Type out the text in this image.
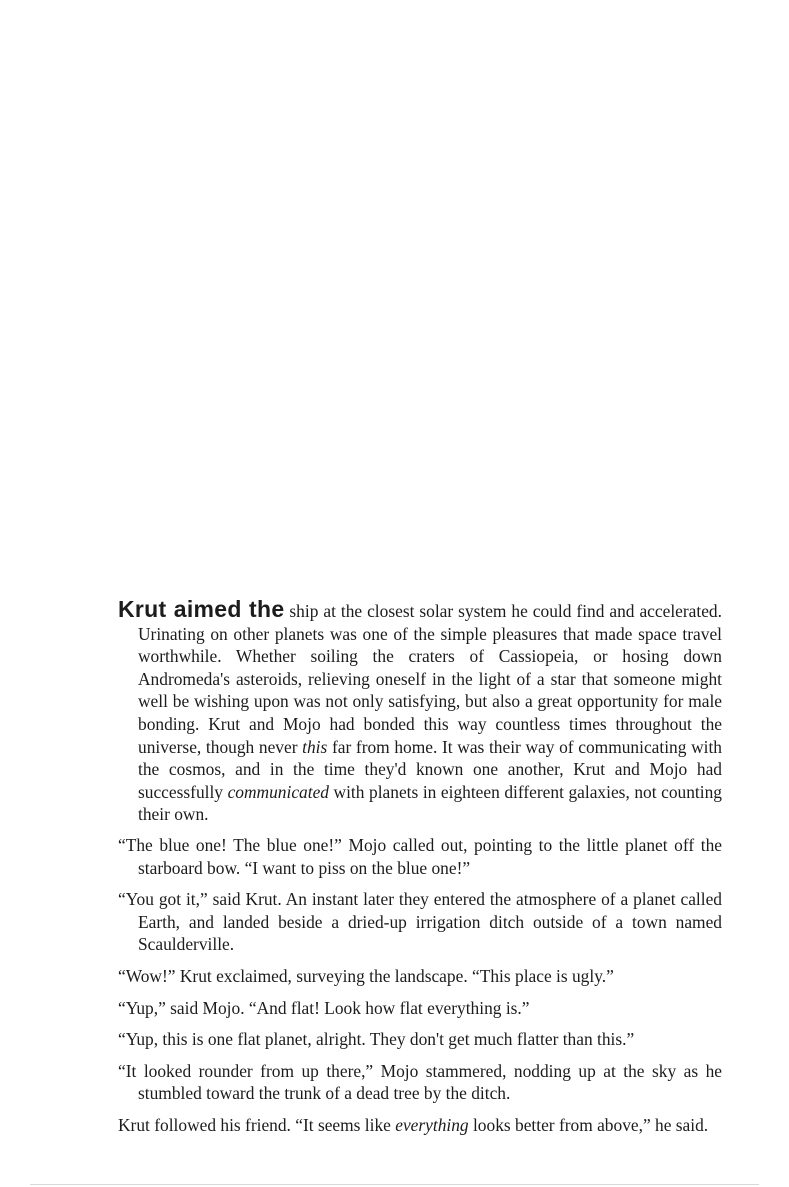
Krut aimed the ship at the closest solar system he could find and accelerated. Urinating on other planets was one of the simple pleasures that made space travel worthwhile. Whether soiling the craters of Cassiopeia, or hosing down Andromeda's asteroids, relieving oneself in the light of a star that someone might well be wishing upon was not only satisfying, but also a great opportunity for male bonding. Krut and Mojo had bonded this way countless times throughout the universe, though never this far from home. It was their way of communicating with the cosmos, and in the time they'd known one another, Krut and Mojo had successfully communicated with planets in eighteen different galaxies, not counting their own.

“The blue one! The blue one!” Mojo called out, pointing to the little planet off the starboard bow. “I want to piss on the blue one!”

“You got it,” said Krut. An instant later they entered the atmosphere of a planet called Earth, and landed beside a dried-up irrigation ditch outside of a town named Scaulderville.

“Wow!” Krut exclaimed, surveying the landscape. “This place is ugly.”

“Yup,” said Mojo. “And flat! Look how flat everything is.”

“Yup, this is one flat planet, alright. They don't get much flatter than this.”

“It looked rounder from up there,” Mojo stammered, nodding up at the sky as he stumbled toward the trunk of a dead tree by the ditch.

Krut followed his friend. “It seems like everything looks better from above,” he said.
